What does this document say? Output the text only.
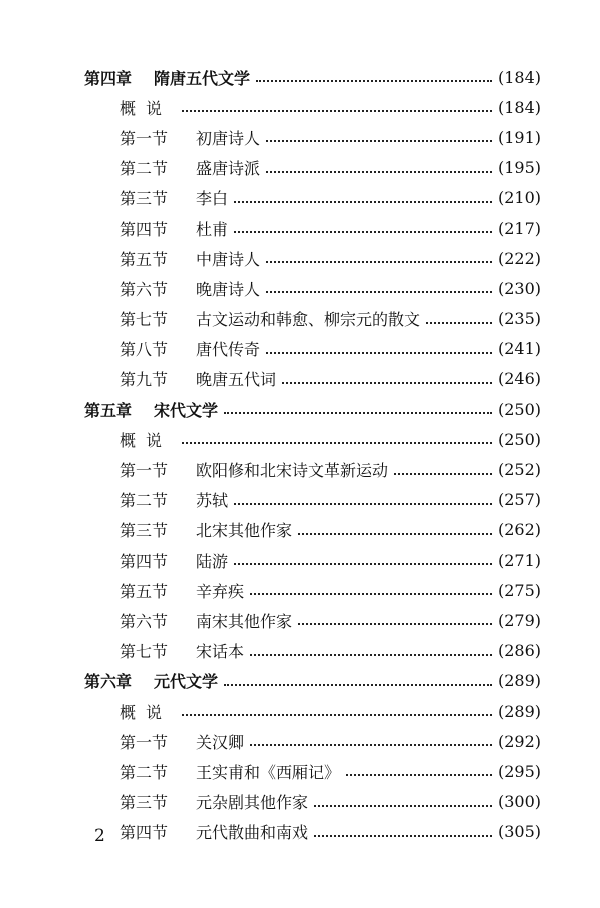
第四章	隋唐五代文学	(184)
概说	(184)
第一节	初唐诗人	(191)
第二节	盛唐诗派	(195)
第三节	李白	(210)
第四节	杜甫	(217)
第五节	中唐诗人	(222)
第六节	晚唐诗人	(230)
第七节	古文运动和韩愈、柳宗元的散文	(235)
第八节	唐代传奇	(241)
第九节	晚唐五代词	(246)
第五章	宋代文学	(250)
概说	(250)
第一节	欧阳修和北宋诗文革新运动	(252)
第二节	苏轼	(257)
第三节	北宋其他作家	(262)
第四节	陆游	(271)
第五节	辛弃疾	(275)
第六节	南宋其他作家	(279)
第七节	宋话本	(286)
第六章	元代文学	(289)
概说	(289)
第一节	关汉卿	(292)
第二节	王实甫和《西厢记》	(295)
第三节	元杂剧其他作家	(300)
第四节	元代散曲和南戏	(305)
2
